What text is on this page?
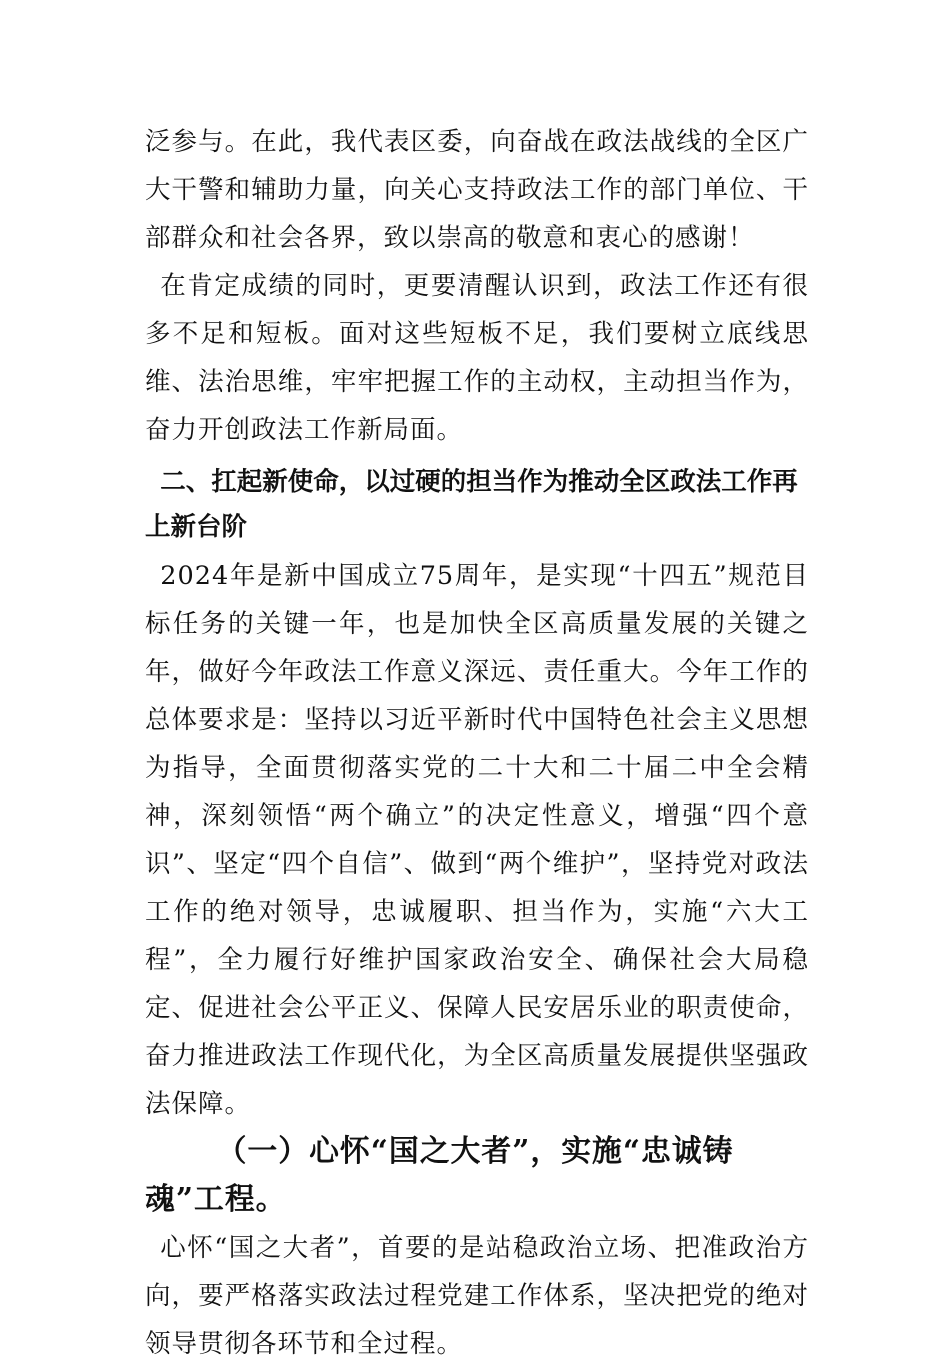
泛参与。在此，我代表区委，向奋战在政法战线的全区广大干警和辅助力量，向关心支持政法工作的部门单位、干部群众和社会各界，致以崇高的敬意和衷心的感谢！

在肯定成绩的同时，更要清醒认识到，政法工作还有很多不足和短板。面对这些短板不足，我们要树立底线思维、法治思维，牢牢把握工作的主动权，主动担当作为，奋力开创政法工作新局面。

二、扛起新使命，以过硬的担当作为推动全区政法工作再上新台阶

2024年是新中国成立75周年，是实现“十四五”规范目标任务的关键一年，也是加快全区高质量发展的关键之年，做好今年政法工作意义深远、责任重大。今年工作的总体要求是：坚持以习近平新时代中国特色社会主义思想为指导，全面贯彻落实党的二十大和二十届二中全会精神，深刻领悟“两个确立”的决定性意义，增强“四个意识”、坚定“四个自信”、做到“两个维护”，坚持党对政法工作的绝对领导，忠诚履职、担当作为，实施“六大工程”，全力履行好维护国家政治安全、确保社会大局稳定、促进社会公平正义、保障人民安居乐业的职责使命，奋力推进政法工作现代化，为全区高质量发展提供坚强政法保障。

（一）心怀“国之大者”，实施“忠诚铸魂”工程。

心怀“国之大者”，首要的是站稳政治立场、把准政治方向，要严格落实政法过程党建工作体系，坚决把党的绝对领导贯彻各环节和全过程。
